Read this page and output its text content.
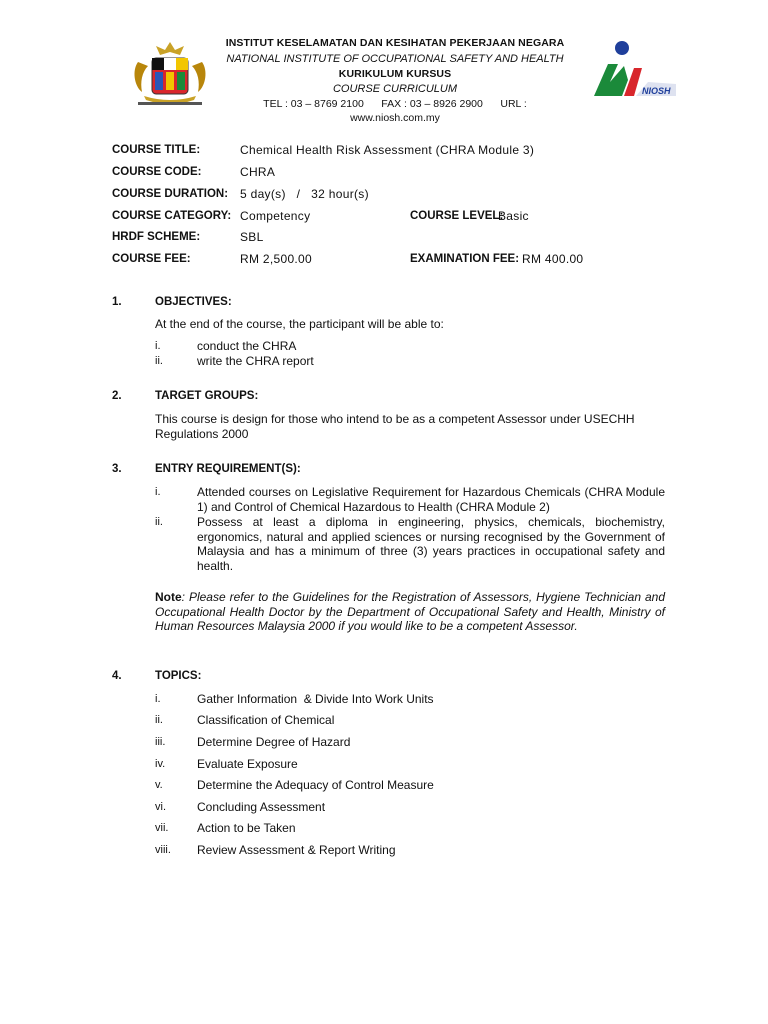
INSTITUT KESELAMATAN DAN KESIHATAN PEKERJAAN NEGARA
NATIONAL INSTITUTE OF OCCUPATIONAL SAFETY AND HEALTH
KURIKULUM KURSUS
COURSE CURRICULUM
TEL : 03 – 8769 2100      FAX : 03 – 8926 2900      URL :
www.niosh.com.my
NIOSH
COURSE TITLE:	Chemical Health Risk Assessment (CHRA Module 3)
COURSE CODE:	CHRA
COURSE DURATION: 5 day(s)   /   32 hour(s)
COURSE CATEGORY: Competency	COURSE LEVEL:
Basic
HRDF SCHEME:	SBL
COURSE FEE:	RM 2,500.00	EXAMINATION FEE: RM 400.00
1.	OBJECTIVES:
At the end of the course, the participant will be able to:
i.	conduct the CHRA
ii.	write the CHRA report
2.	TARGET GROUPS:
This course is design for those who intend to be as a competent Assessor under USECHH Regulations 2000
3.	ENTRY REQUIREMENT(S):
i.	Attended courses on Legislative Requirement for Hazardous Chemicals (CHRA Module 1) and Control of Chemical Hazardous to Health (CHRA Module 2)
ii.	Possess at least a diploma in engineering, physics, chemicals, biochemistry, ergonomics, natural and applied sciences or nursing recognised by the Government of Malaysia and has a minimum of three (3) years practices in occupational safety and health.
Note: Please refer to the Guidelines for the Registration of Assessors, Hygiene Technician and Occupational Health Doctor by the Department of Occupational Safety and Health, Ministry of Human Resources Malaysia 2000 if you would like to be a competent Assessor.
4.	TOPICS:
i.	Gather Information  & Divide Into Work Units
ii.	Classification of Chemical
iii.	Determine Degree of Hazard
iv.	Evaluate Exposure
v.	Determine the Adequacy of Control Measure
vi.	Concluding Assessment
vii. Action to be Taken
viii. Review Assessment & Report Writing
